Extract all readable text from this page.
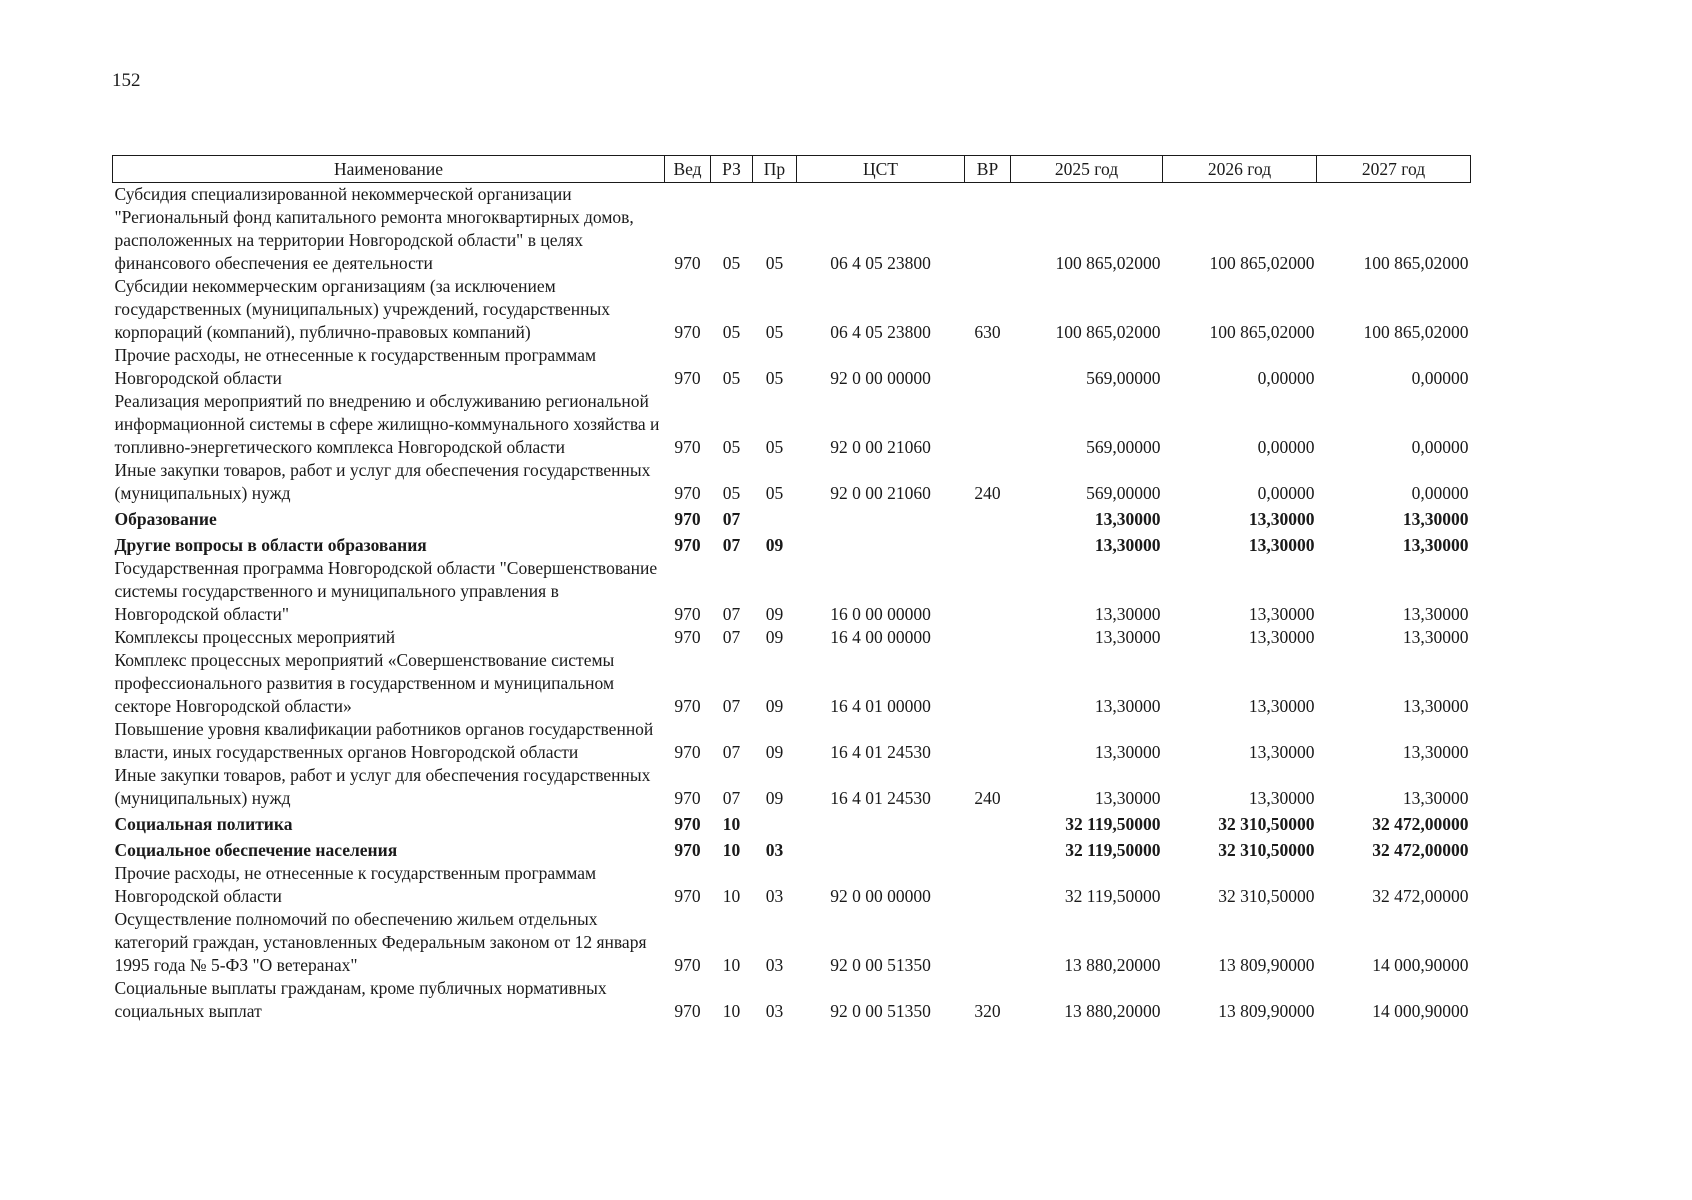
152
Наименование	Вед	РЗ	Пр	ЦСТ	ВР	2025 год	2026 год	2027 год
Субсидия специализированной некоммерческой организации "Региональный фонд капитального ремонта многоквартирных домов, расположенных на территории Новгородской области" в целях финансового обеспечения ее деятельности	970	05	05	06 4 05 23800		100 865,02000	100 865,02000	100 865,02000
Субсидии некоммерческим организациям (за исключением государственных (муниципальных) учреждений, государственных корпораций (компаний), публично-правовых компаний)	970	05	05	06 4 05 23800	630	100 865,02000	100 865,02000	100 865,02000
Прочие расходы, не отнесенные к государственным программам Новгородской области	970	05	05	92 0 00 00000		569,00000	0,00000	0,00000
Реализация мероприятий по внедрению и обслуживанию региональной информационной системы в сфере жилищно-коммунального хозяйства и топливно-энергетического комплекса Новгородской области	970	05	05	92 0 00 21060		569,00000	0,00000	0,00000
Иные закупки товаров, работ и услуг для обеспечения государственных (муниципальных) нужд	970	05	05	92 0 00 21060	240	569,00000	0,00000	0,00000
Образование	970	07				13,30000	13,30000	13,30000
Другие вопросы в области образования	970	07	09			13,30000	13,30000	13,30000
Государственная программа Новгородской области "Совершенствование системы государственного и муниципального управления в Новгородской области"	970	07	09	16 0 00 00000		13,30000	13,30000	13,30000
Комплексы процессных мероприятий	970	07	09	16 4 00 00000		13,30000	13,30000	13,30000
Комплекс процессных мероприятий «Совершенствование системы профессионального развития в государственном и муниципальном секторе Новгородской области»	970	07	09	16 4 01 00000		13,30000	13,30000	13,30000
Повышение уровня квалификации работников органов государственной власти, иных государственных органов Новгородской области	970	07	09	16 4 01 24530		13,30000	13,30000	13,30000
Иные закупки товаров, работ и услуг для обеспечения государственных (муниципальных) нужд	970	07	09	16 4 01 24530	240	13,30000	13,30000	13,30000
Социальная политика	970	10				32 119,50000	32 310,50000	32 472,00000
Социальное обеспечение населения	970	10	03			32 119,50000	32 310,50000	32 472,00000
Прочие расходы, не отнесенные к государственным программам Новгородской области	970	10	03	92 0 00 00000		32 119,50000	32 310,50000	32 472,00000
Осуществление полномочий по обеспечению жильем отдельных категорий граждан, установленных Федеральным законом от 12 января 1995 года № 5-ФЗ "О ветеранах"	970	10	03	92 0 00 51350		13 880,20000	13 809,90000	14 000,90000
Социальные выплаты гражданам, кроме публичных нормативных социальных выплат	970	10	03	92 0 00 51350	320	13 880,20000	13 809,90000	14 000,90000
